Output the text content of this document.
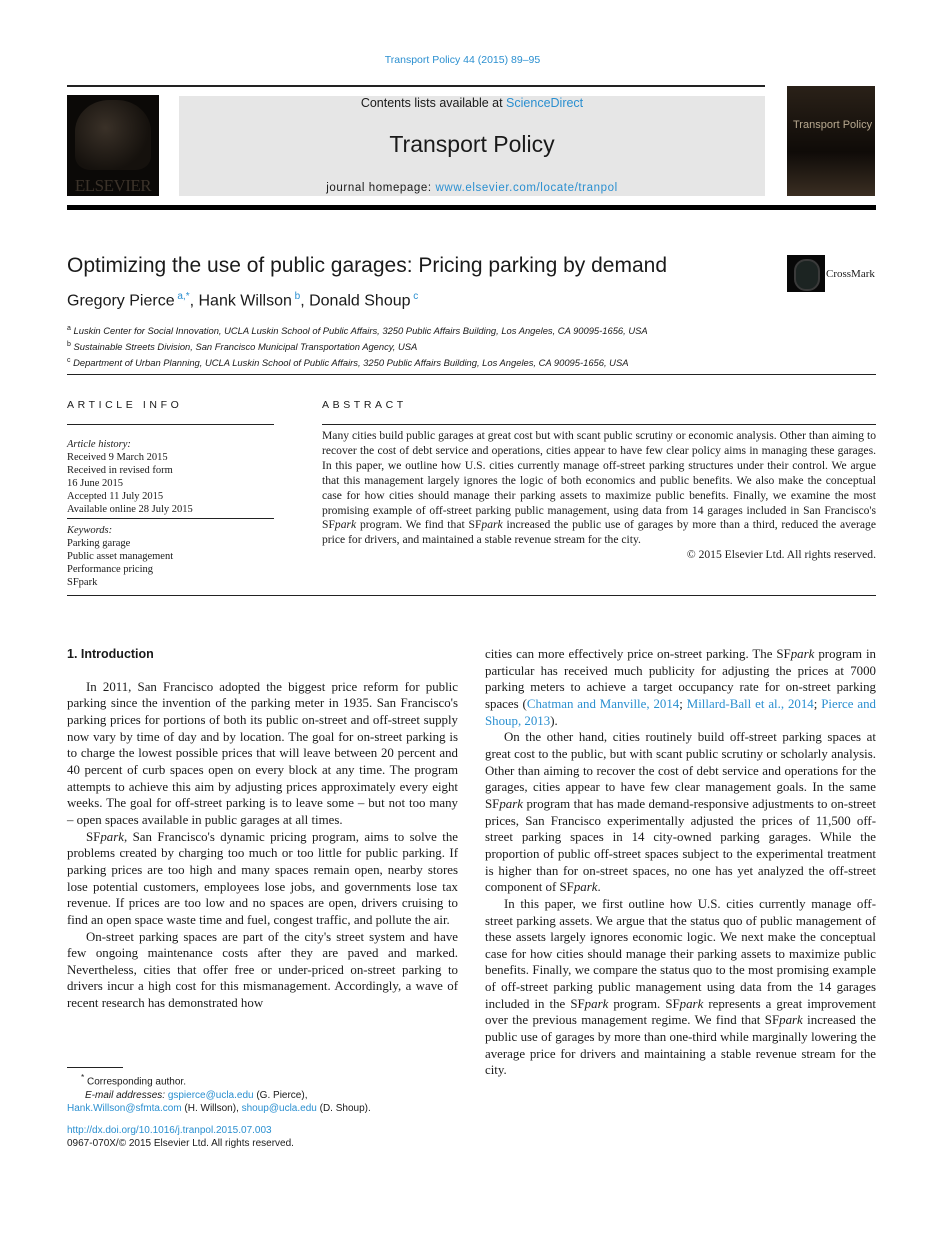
Transport Policy 44 (2015) 89–95
ELSEVIER
Contents lists available at ScienceDirect
Transport Policy
journal homepage: www.elsevier.com/locate/tranpol
Transport Policy
Optimizing the use of public garages: Pricing parking by demand	CrossMark
Gregory Pierce $^{a,*}$, Hank Willson $^b$, Donald Shoup $^c$
$^a$ Luskin Center for Social Innovation, UCLA Luskin School of Public Affairs, 3250 Public Affairs Building, Los Angeles, CA 90095-1656, USA
$^b$ Sustainable Streets Division, San Francisco Municipal Transportation Agency, USA
$^c$ Department of Urban Planning, UCLA Luskin School of Public Affairs, 3250 Public Affairs Building, Los Angeles, CA 90095-1656, USA
ARTICLE INFO
Article history:
Received 9 March 2015
Received in revised form
16 June 2015
Accepted 11 July 2015
Available online 28 July 2015
Keywords:
Parking garage
Public asset management
Performance pricing
SFpark
ABSTRACT
Many cities build public garages at great cost but with scant public scrutiny or economic analysis. Other than aiming to recover the cost of debt service and operations, cities appear to have few clear policy aims in managing these garages. In this paper, we outline how U.S. cities currently manage off-street parking structures under their control. We argue that this management largely ignores the logic of both economics and public benefits. We also make the conceptual case for how cities should manage their parking assets to maximize public benefits. Finally, we examine the most promising example of off-street parking public management, using data from 14 garages included in San Francisco's SFpark program. We find that SFpark increased the public use of garages by more than a third, reduced the average price for drivers, and maintained a stable revenue stream for the city.
© 2015 Elsevier Ltd. All rights reserved.

1. Introduction

In 2011, San Francisco adopted the biggest price reform for public parking since the invention of the parking meter in 1935. San Francisco's parking prices for portions of both its public on-street and off-street supply now vary by time of day and by location. The goal for on-street parking is to charge the lowest possible prices that will leave between 20 percent and 40 percent of curb spaces open on every block at any time. The program attempts to achieve this aim by adjusting prices approximately every eight weeks. The goal for off-street parking is to leave some – but not too many – open spaces available in public garages at all times.

SFpark, San Francisco's dynamic pricing program, aims to solve the problems created by charging too much or too little for public parking. If parking prices are too high and many spaces remain open, nearby stores lose potential customers, employees lose jobs, and governments lose tax revenue. If prices are too low and no spaces are open, drivers cruising to find an open space waste time and fuel, congest traffic, and pollute the air.

On-street parking spaces are part of the city's street system and have few ongoing maintenance costs after they are paved and marked. Nevertheless, cities that offer free or under-priced on-street parking to drivers incur a high cost for this mismanagement. Accordingly, a wave of recent research has demonstrated how

cities can more effectively price on-street parking. The SFpark program in particular has received much publicity for adjusting the prices at 7000 parking meters to achieve a target occupancy rate for on-street parking spaces (Chatman and Manville, 2014; Millard-Ball et al., 2014; Pierce and Shoup, 2013).

On the other hand, cities routinely build off-street parking spaces at great cost to the public, but with scant public scrutiny or scholarly analysis. Other than aiming to recover the cost of debt service and operations for the garages, cities appear to have few clear management goals. In the same SFpark program that has made demand-responsive adjustments to on-street prices, San Francisco experimentally adjusted the prices of 11,500 off-street parking spaces in 14 city-owned parking garages. While the proportion of public off-street spaces subject to the experimental treatment is higher than for on-street spaces, no one has yet analyzed the off-street component of SFpark.

In this paper, we first outline how U.S. cities currently manage off-street parking assets. We argue that the status quo of public management of these assets largely ignores economic logic. We next make the conceptual case for how cities should manage their parking assets to maximize public benefits. Finally, we compare the status quo to the most promising example of off-street parking public management using data from the 14 garages included in the SFpark program. SFpark represents a great improvement over the previous management regime. We find that SFpark increased the public use of garages by more than one-third while marginally lowering the average price for drivers and maintaining a stable revenue stream for the city.

* Corresponding author.
E-mail addresses: gspierce@ucla.edu (G. Pierce),
Hank.Willson@sfmta.com (H. Willson), shoup@ucla.edu (D. Shoup).
http://dx.doi.org/10.1016/j.tranpol.2015.07.003
0967-070X/© 2015 Elsevier Ltd. All rights reserved.
